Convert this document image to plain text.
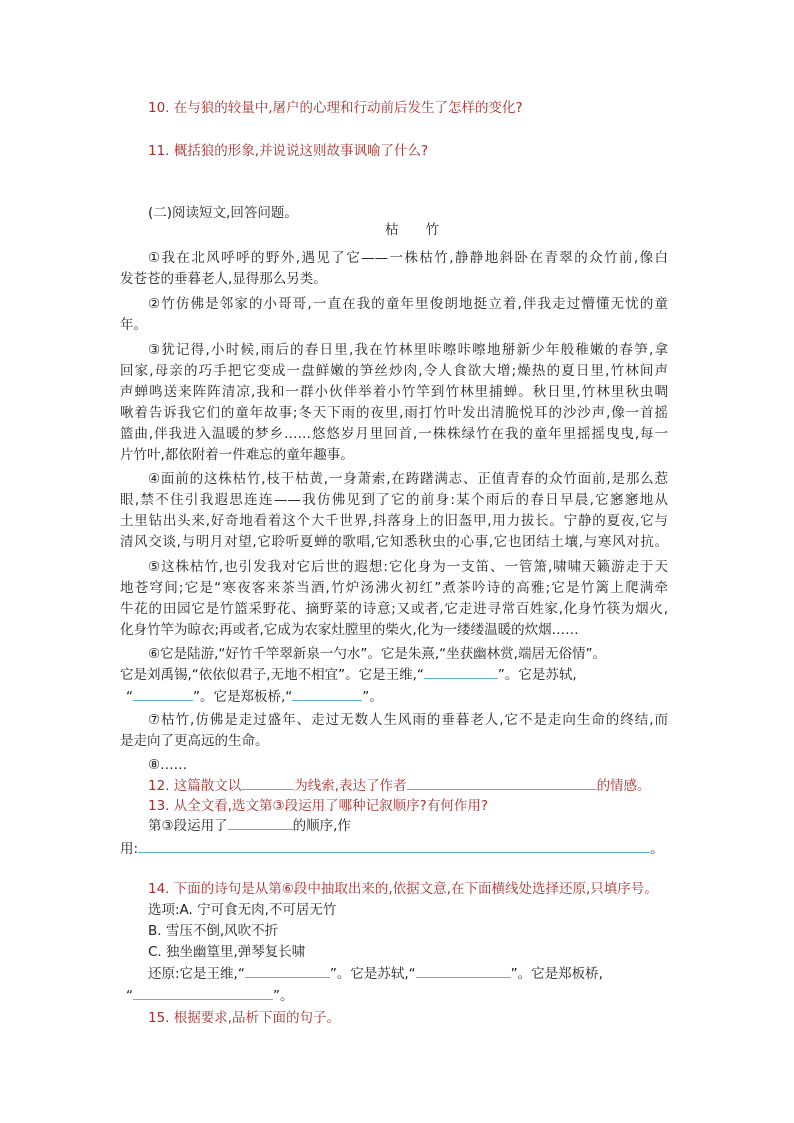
10. 在与狼的较量中,屠户的心理和行动前后发生了怎样的变化?
11. 概括狼的形象,并说说这则故事讽喻了什么?
(二)阅读短文,回答问题。
枯　　竹
①我在北风呼呼的野外,遇见了它——一株枯竹,静静地斜卧在青翠的众竹前,像白
发苍苍的垂暮老人,显得那么另类。
②竹仿佛是邻家的小哥哥,一直在我的童年里俊朗地挺立着,伴我走过懵懂无忧的童
年。
③犹记得,小时候,雨后的春日里,我在竹林里咔嚓咔嚓地掰新少年般稚嫩的春笋,拿
回家,母亲的巧手把它变成一盘鲜嫩的笋丝炒肉,令人食欲大增;燥热的夏日里,竹林间声
声蝉鸣送来阵阵清凉,我和一群小伙伴举着小竹竿到竹林里捕蝉。秋日里,竹林里秋虫啁
啾着告诉我它们的童年故事;冬天下雨的夜里,雨打竹叶发出清脆悦耳的沙沙声,像一首摇
篮曲,伴我进入温暖的梦乡……悠悠岁月里回首,一株株绿竹在我的童年里摇摇曳曳,每一
片竹叶,都依附着一件难忘的童年趣事。
④面前的这株枯竹,枝干枯黄,一身萧索,在踌躇满志、正值青春的众竹面前,是那么惹
眼,禁不住引我遐思连连——我仿佛见到了它的前身:某个雨后的春日早晨,它窸窸地从
土里钻出头来,好奇地看着这个大千世界,抖落身上的旧盔甲,用力拔长。宁静的夏夜,它与
清风交谈,与明月对望,它聆听夏蝉的歌唱,它知悉秋虫的心事,它也团结土壤,与寒风对抗。
⑤这株枯竹,也引发我对它后世的遐想:它化身为一支笛、一管箫,啸啸天籁游走于天
地苍穹间;它是“寒夜客来茶当酒,竹炉汤沸火初红”煮茶吟诗的高雅;它是竹篱上爬满牵
牛花的田园它是竹篮采野花、摘野菜的诗意;又或者,它走进寻常百姓家,化身竹筷为烟火,
化身竹竿为晾衣;再或者,它成为农家灶膛里的柴火,化为一缕缕温暖的炊烟……
⑥它是陆游,“好竹千竿翠新泉一勺水”。它是朱熹,“坐获幽林赏,端居无俗情”。
它是刘禹锡,“依依似君子,无地不相宜”。它是王维,“	”。它是苏轼,
“	”。它是郑板桥,“	”。
⑦枯竹,仿佛是走过盛年、走过无数人生风雨的垂暮老人,它不是走向生命的终结,而
是走向了更高远的生命。
⑧……
12. 这篇散文以	为线索,表达了作者	的情感。
13. 从全文看,选文第③段运用了哪种记叙顺序?有何作用?
第③段运用了	的顺序,作
用:	。
14. 下面的诗句是从第⑥段中抽取出来的,依据文意,在下面横线处选择还原,只填序号。
选项:A. 宁可食无肉,不可居无竹
B. 雪压不倒,风吹不折
C. 独坐幽篁里,弹琴复长啸
还原:它是王维,“	”。它是苏轼,“	”。它是郑板桥,
“	”。
15. 根据要求,品析下面的句子。
